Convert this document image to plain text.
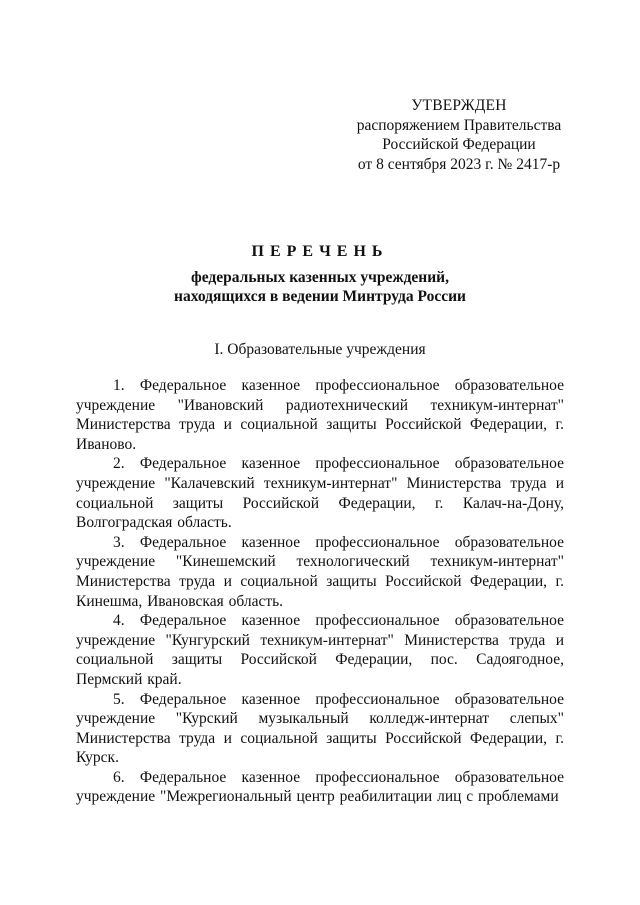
УТВЕРЖДЕН
распоряжением Правительства
Российской Федерации
от 8 сентября 2023 г. № 2417-р
ПЕРЕЧЕНЬ
федеральных казенных учреждений,
находящихся в ведении Минтруда России
I. Образовательные учреждения

1. Федеральное казенное профессиональное образовательное учреждение "Ивановский радиотехнический техникум-интернат" Министерства труда и социальной защиты Российской Федерации, г. Иваново.

2. Федеральное казенное профессиональное образовательное учреждение "Калачевский техникум-интернат" Министерства труда и социальной защиты Российской Федерации, г. Калач-на-Дону, Волгоградская область.

3. Федеральное казенное профессиональное образовательное учреждение "Кинешемский технологический техникум-интернат" Министерства труда и социальной защиты Российской Федерации, г. Кинешма, Ивановская область.

4. Федеральное казенное профессиональное образовательное учреждение "Кунгурский техникум-интернат" Министерства труда и социальной защиты Российской Федерации, пос. Садоягодное, Пермский край.

5. Федеральное казенное профессиональное образовательное учреждение "Курский музыкальный колледж-интернат слепых" Министерства труда и социальной защиты Российской Федерации, г. Курск.

6. Федеральное казенное профессиональное образовательное учреждение "Межрегиональный центр реабилитации лиц с проблемами
